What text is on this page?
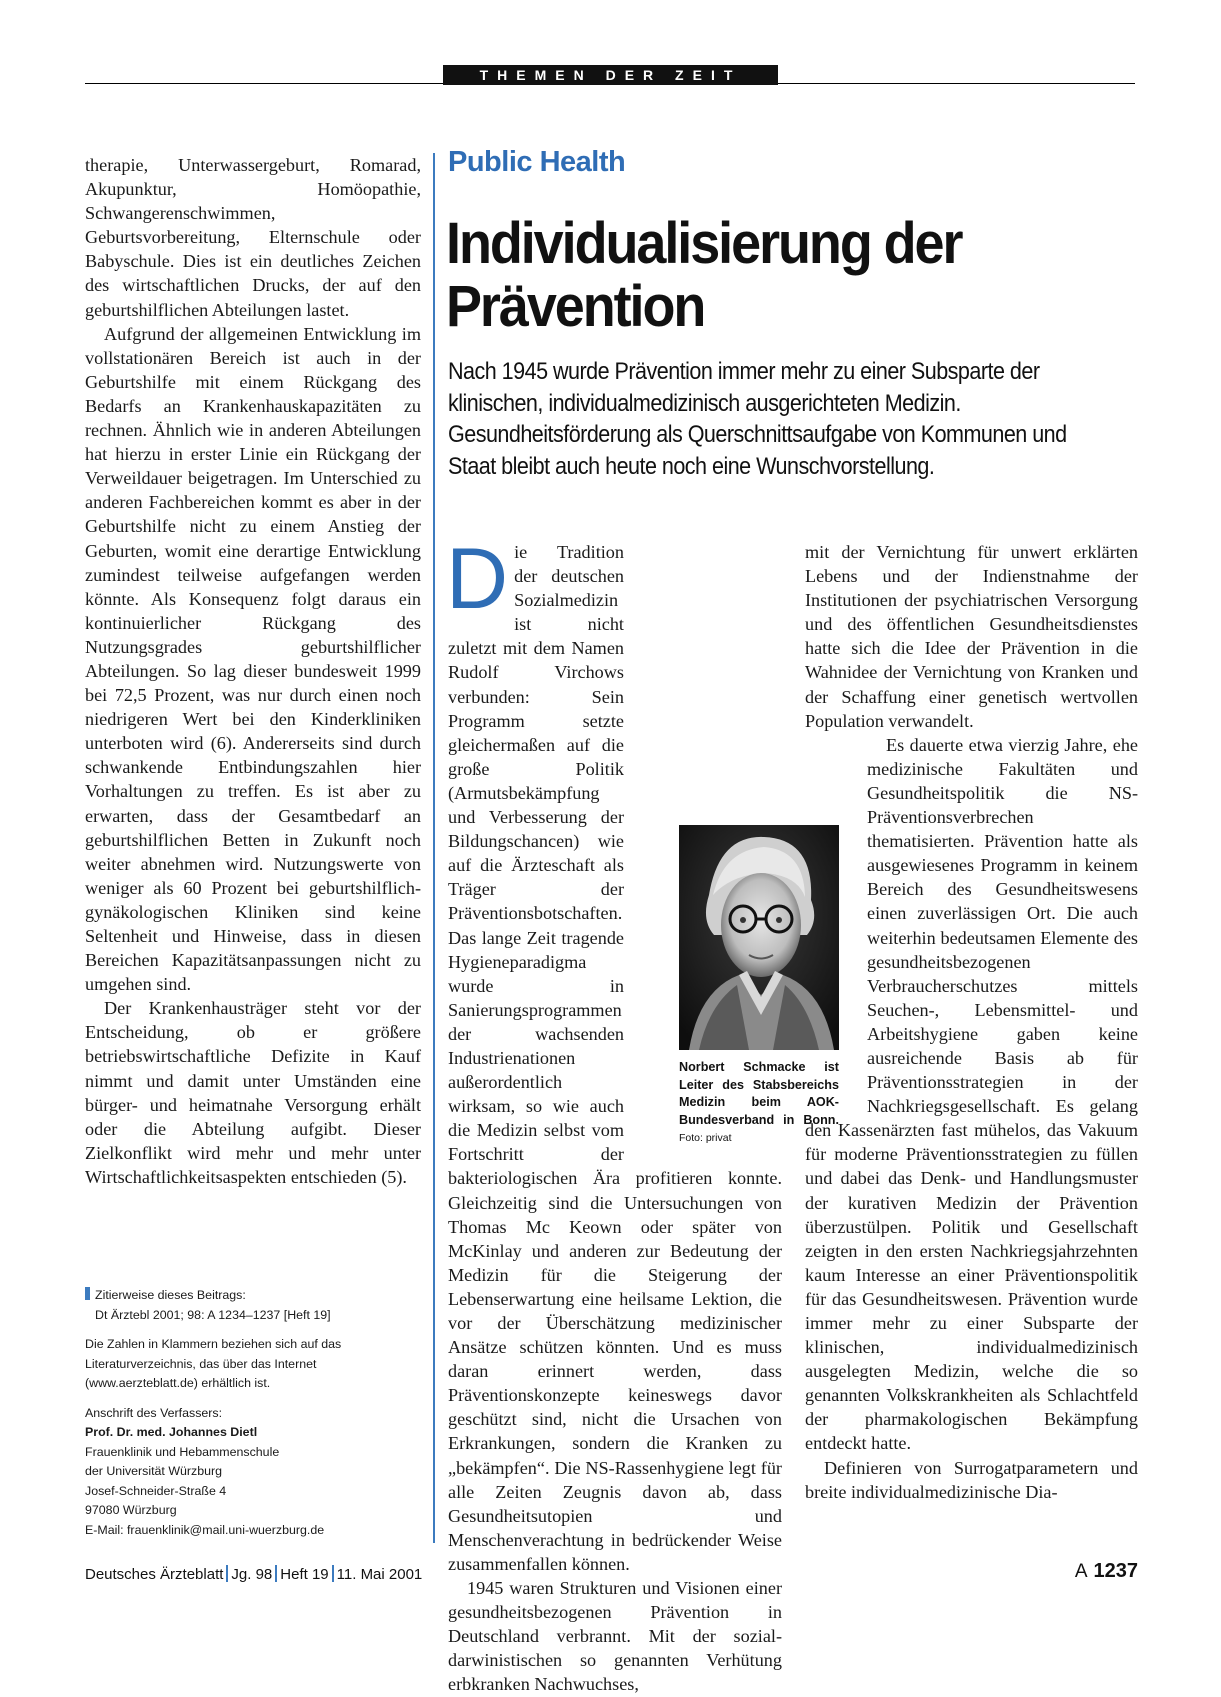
THEMEN DER ZEIT

therapie, Unterwassergeburt, Romarad, Akupunktur, Homöopathie, Schwangerenschwimmen, Geburtsvorbereitung, Elternschule oder Babyschule. Dies ist ein deutliches Zeichen des wirtschaftlichen Drucks, der auf den geburtshilflichen Abteilungen lastet.

Aufgrund der allgemeinen Entwicklung im vollstationären Bereich ist auch in der Geburtshilfe mit einem Rückgang des Bedarfs an Krankenhauskapazitäten zu rechnen. Ähnlich wie in anderen Abteilungen hat hierzu in erster Linie ein Rückgang der Verweildauer beigetragen. Im Unterschied zu anderen Fachbereichen kommt es aber in der Geburtshilfe nicht zu einem Anstieg der Geburten, womit eine derartige Entwicklung zumindest teilweise aufgefangen werden könnte. Als Konsequenz folgt daraus ein kontinuierlicher Rückgang des Nutzungsgrades geburtshilflicher Abteilungen. So lag dieser bundesweit 1999 bei 72,5 Prozent, was nur durch einen noch niedrigeren Wert bei den Kinderkliniken unterboten wird (6). Andererseits sind durch schwankende Entbindungszahlen hier Vorhaltungen zu treffen. Es ist aber zu erwarten, dass der Gesamtbedarf an geburtshilflichen Betten in Zukunft noch weiter abnehmen wird. Nutzungswerte von weniger als 60 Prozent bei geburtshilflich-gynäkologischen Kliniken sind keine Seltenheit und Hinweise, dass in diesen Bereichen Kapazitätsanpassungen nicht zu umgehen sind.

Der Krankenhausträger steht vor der Entscheidung, ob er größere betriebswirtschaftliche Defizite in Kauf nimmt und damit unter Umständen eine bürger- und heimatnahe Versorgung erhält oder die Abteilung aufgibt. Dieser Zielkonflikt wird mehr und mehr unter Wirtschaftlichkeitsaspekten entschieden (5).

Zitierweise dieses Beitrags:
Dt Ärztebl 2001; 98: A 1234–1237 [Heft 19]
Die Zahlen in Klammern beziehen sich auf das Literaturverzeichnis, das über das Internet (www.aerzteblatt.de) erhältlich ist.
Anschrift des Verfassers:
Prof. Dr. med. Johannes Dietl
Frauenklinik und Hebammenschule
der Universität Würzburg
Josef-Schneider-Straße 4
97080 Würzburg
E-Mail: frauenklinik@mail.uni-wuerzburg.de
Public Health
Individualisierung der Prävention

Nach 1945 wurde Prävention immer mehr zu einer Subsparte der klinischen, individualmedizinisch ausgerichteten Medizin. Gesundheitsförderung als Querschnittsaufgabe von Kommunen und Staat bleibt auch heute noch eine Wunschvorstellung.

Die Tradition der deutschen Sozialmedizin ist nicht zuletzt mit dem Namen Rudolf Virchows verbunden: Sein Programm setzte gleichermaßen auf die große Politik (Armutsbekämpfung und Verbesserung der Bildungschancen) wie auf die Ärzteschaft als Träger der Präventionsbotschaften. Das lange Zeit tragende Hygieneparadigma wurde in Sanierungsprogrammen der wachsenden Industrienationen außerordentlich wirksam, so wie auch die Medizin selbst vom Fortschritt der bakteriologischen Ära profitieren konnte. Gleichzeitig sind die Untersuchungen von Thomas Mc Keown oder später von McKinlay und anderen zur Bedeutung der Medizin für die Steigerung der Lebenserwartung eine heilsame Lektion, die vor der Überschätzung medizinischer Ansätze schützen könnten. Und es muss daran erinnert werden, dass Präventionskonzepte keineswegs davor geschützt sind, nicht die Ursachen von Erkrankungen, sondern die Kranken zu „bekämpfen“. Die NS-Rassenhygiene legt für alle Zeiten Zeugnis davon ab, dass Gesundheitsutopien und Menschenverachtung in bedrückender Weise zusammenfallen können.

1945 waren Strukturen und Visionen einer gesundheitsbezogenen Prävention in Deutschland verbrannt. Mit der sozial-darwinistischen so genannten Verhütung erbkranken Nachwuchses,

Norbert Schmacke ist Leiter des Stabsbereichs Medizin beim AOK-Bundesverband in Bonn. Foto: privat

mit der Vernichtung für unwert erklärten Lebens und der Indienstnahme der Institutionen der psychiatrischen Versorgung und des öffentlichen Gesundheitsdienstes hatte sich die Idee der Prävention in die Wahnidee der Vernichtung von Kranken und der Schaffung einer genetisch wertvollen Population verwandelt.

Es dauerte etwa vierzig Jahre, ehe medizinische Fakultäten und Gesundheitspolitik die NS-Präventionsverbrechen thematisierten. Prävention hatte als ausgewiesenes Programm in keinem Bereich des Gesundheitswesens einen zuverlässigen Ort. Die auch weiterhin bedeutsamen Elemente des gesundheitsbezogenen Verbraucherschutzes mittels Seuchen-, Lebensmittel- und Arbeitshygiene gaben keine ausreichende Basis ab für Präventionsstrategien in der Nachkriegsgesellschaft. Es gelang den Kassenärzten fast mühelos, das Vakuum für moderne Präventionsstrategien zu füllen und dabei das Denk- und Handlungsmuster der kurativen Medizin der Prävention überzustülpen. Politik und Gesellschaft zeigten in den ersten Nachkriegsjahrzehnten kaum Interesse an einer Präventionspolitik für das Gesundheitswesen. Prävention wurde immer mehr zu einer Subsparte der klinischen, individualmedizinisch ausgelegten Medizin, welche die so genannten Volkskrankheiten als Schlachtfeld der pharmakologischen Bekämpfung entdeckt hatte.

Definieren von Surrogatparametern und breite individualmedizinische Dia-

Deutsches Ärzteblatt Jg. 98 Heft 19 11. Mai 2001	A 1237
